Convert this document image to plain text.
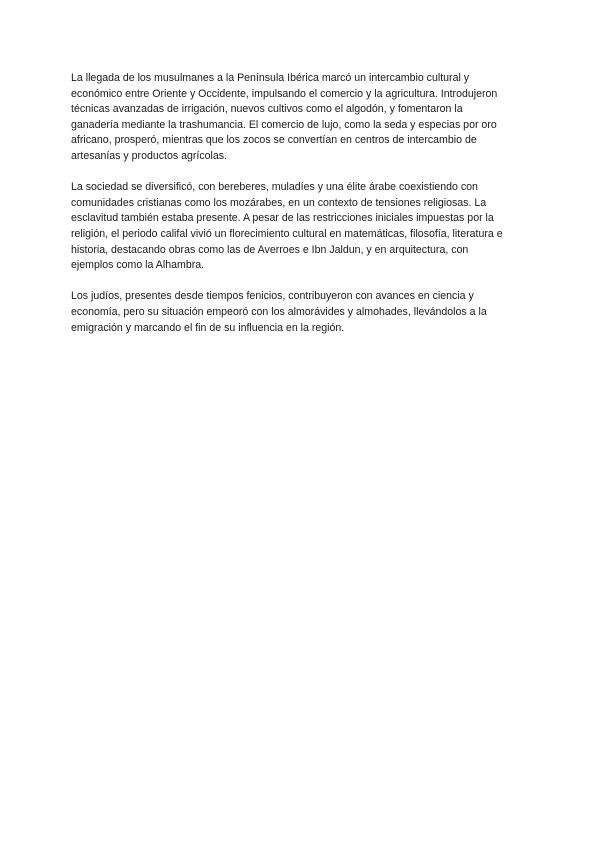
La llegada de los musulmanes a la Península Ibérica marcó un intercambio cultural y
económico entre Oriente y Occidente, impulsando el comercio y la agricultura. Introdujeron
técnicas avanzadas de irrigación, nuevos cultivos como el algodón, y fomentaron la
ganadería mediante la trashumancia. El comercio de lujo, como la seda y especias por oro
africano, prosperó, mientras que los zocos se convertían en centros de intercambio de
artesanías y productos agrícolas.

La sociedad se diversificó, con bereberes, muladíes y una élite árabe coexistiendo con
comunidades cristianas como los mozárabes, en un contexto de tensiones religiosas. La
esclavitud también estaba presente. A pesar de las restricciones iniciales impuestas por la
religión, el periodo califal vivió un florecimiento cultural en matemáticas, filosofía, literatura e
historia, destacando obras como las de Averroes e Ibn Jaldun, y en arquitectura, con
ejemplos como la Alhambra.

Los judíos, presentes desde tiempos fenicios, contribuyeron con avances en ciencia y
economía, pero su situación empeoró con los almorávides y almohades, llevándolos a la
emigración y marcando el fin de su influencia en la región.
